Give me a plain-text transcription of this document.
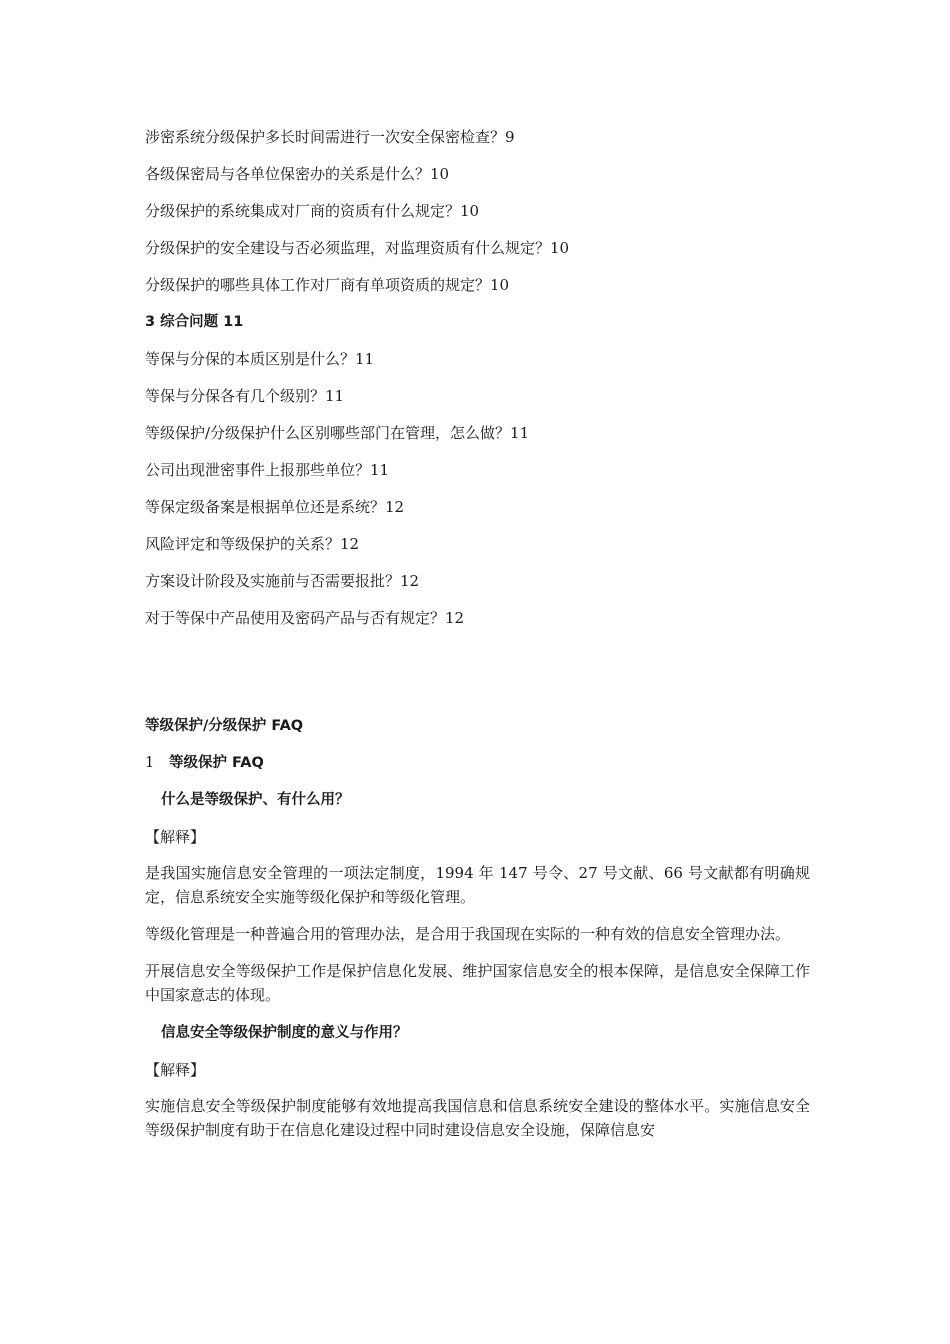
涉密系统分级保护多长时间需进行一次安全保密检查？9
各级保密局与各单位保密办的关系是什么？10
分级保护的系统集成对厂商的资质有什么规定？10
分级保护的安全建设与否必须监理，对监理资质有什么规定？10
分级保护的哪些具体工作对厂商有单项资质的规定？10
3 综合问题 11
等保与分保的本质区别是什么？11
等保与分保各有几个级别？11
等级保护/分级保护什么区别哪些部门在管理，怎么做？11
公司出现泄密事件上报那些单位？11
等保定级备案是根据单位还是系统？12
风险评定和等级保护的关系？12
方案设计阶段及实施前与否需要报批？12
对于等保中产品使用及密码产品与否有规定？12
等级保护/分级保护 FAQ
1 等级保护 FAQ
什么是等级保护、有什么用？
【解释】
是我国实施信息安全管理的一项法定制度，1994 年 147 号令、27 号文献、66 号文献都有明确规定，信息系统安全实施等级化保护和等级化管理。
等级化管理是一种普遍合用的管理办法，是合用于我国现在实际的一种有效的信息安全管理办法。
开展信息安全等级保护工作是保护信息化发展、维护国家信息安全的根本保障，是信息安全保障工作中国家意志的体现。
信息安全等级保护制度的意义与作用？
【解释】
实施信息安全等级保护制度能够有效地提高我国信息和信息系统安全建设的整体水平。实施信息安全等级保护制度有助于在信息化建设过程中同时建设信息安全设施，保障信息安
